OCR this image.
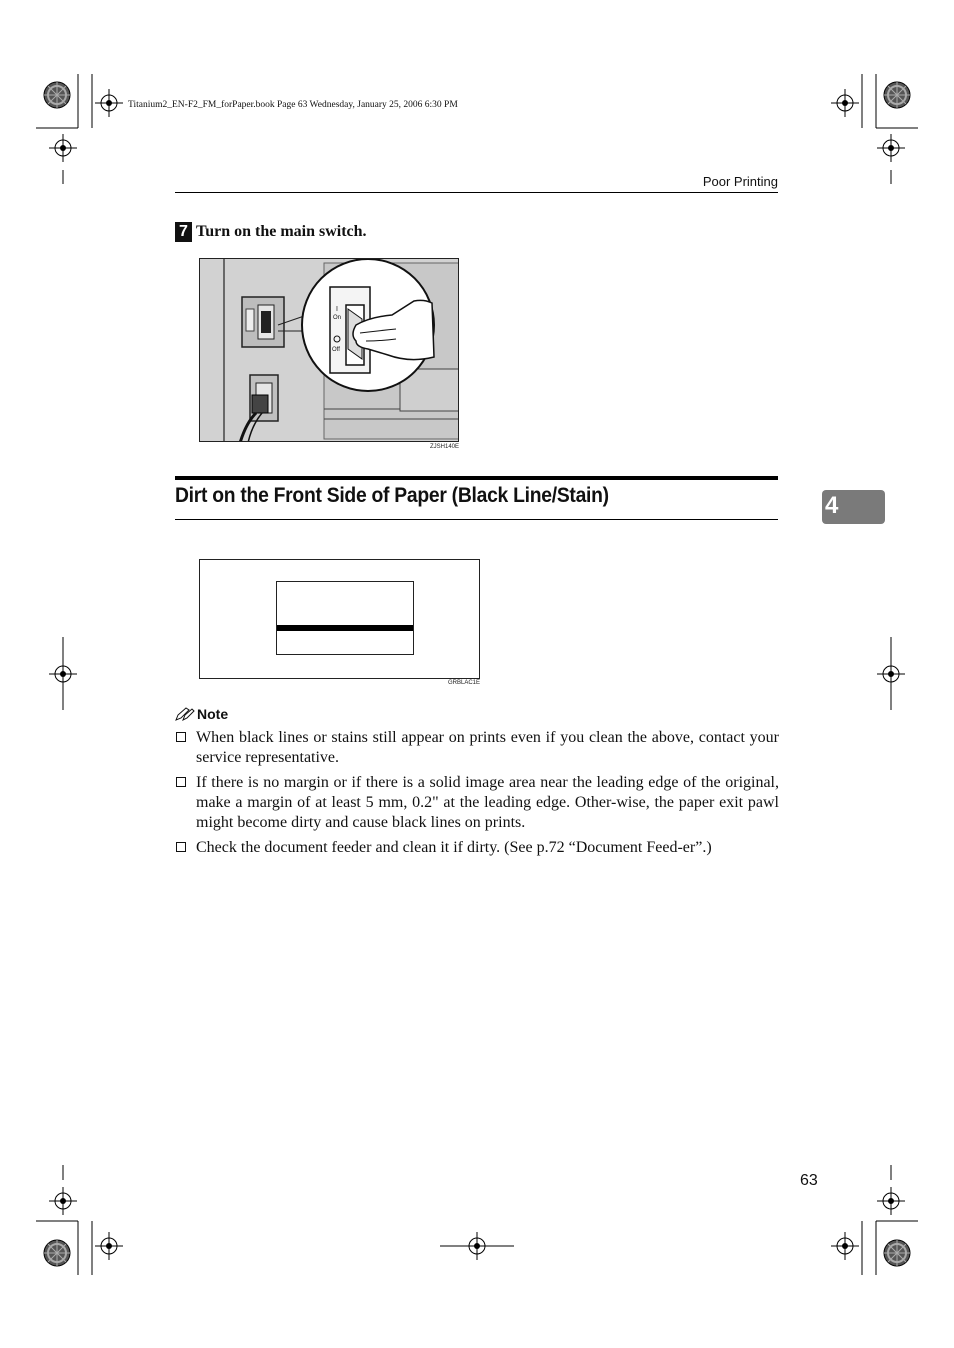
Titanium2_EN-F2_FM_forPaper.book Page 63 Wednesday, January 25, 2006 6:30 PM
Poor Printing
7 Turn on the main switch.
I
On
Off
ZJSH140E
Dirt on the Front Side of Paper (Black Line/Stain)	4
GRBLAC1E
Note
When black lines or stains still appear on prints even if you clean the above, contact your service representative.
If there is no margin or if there is a solid image area near the leading edge of the original, make a margin of at least 5 mm, 0.2" at the leading edge. Other-wise, the paper exit pawl might become dirty and cause black lines on prints.
Check the document feeder and clean it if dirty. (See p.72 “Document Feed-er”.)
63
